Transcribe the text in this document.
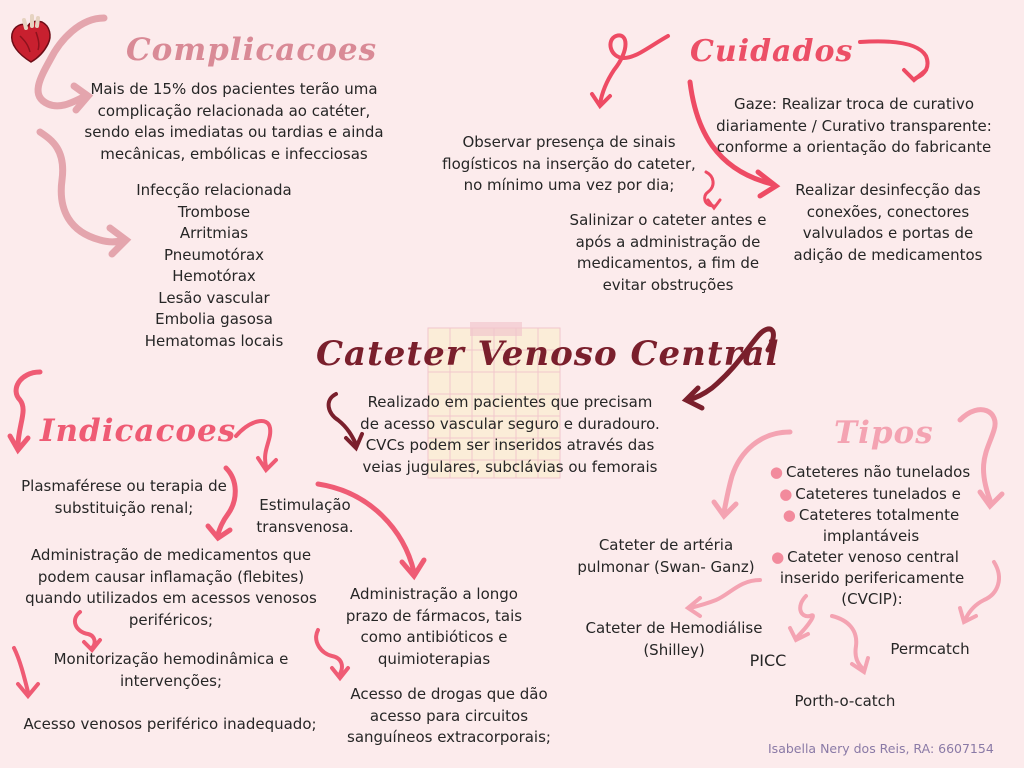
Complicacoes	Cuidados
Cateter Venoso Central
Indicacoes	Tipos
Mais de 15% dos pacientes terão uma
complicação relacionada ao catéter,
sendo elas imediatas ou tardias e ainda
mecânicas, embólicas e infecciosas
Infecção relacionada
Trombose
Arritmias
Pneumotórax
Hemotórax
Lesão vascular
Embolia gasosa
Hematomas locais
Gaze: Realizar troca de curativo
diariamente / Curativo transparente:
conforme a orientação do fabricante
Observar presença de sinais
flogísticos na inserção do cateter,
no mínimo uma vez por dia;	Realizar desinfecção das
conexões, conectores
valvulados e portas de
adição de medicamentos
Salinizar o cateter antes e
após a administração de
medicamentos, a fim de
evitar obstruções
Realizado em pacientes que precisam
de acesso vascular seguro e duradouro.
CVCs podem ser inseridos através das
veias jugulares, subclávias ou femorais
Plasmaférese ou terapia de
substituição renal;	Estimulação
transvenosa.
Administração de medicamentos que
podem causar inflamação (flebites)
quando utilizados em acessos venosos
periféricos;
Administração a longo
prazo de fármacos, tais
como antibióticos e
quimioterapias
Monitorização hemodinâmica e
intervenções;
Acesso de drogas que dão
acesso para circuitos
sanguíneos extracorporais;
Acesso venosos periférico inadequado;
● Cateteres não tunelados
● Cateteres tunelados e
● Cateteres totalmente
implantáveis
● Cateter venoso central
inserido perifericamente
(CVCIP):
Cateter de artéria
pulmonar (Swan- Ganz)
Cateter de Hemodiálise
(Shilley)
PICC
Permcatch
Porth-o-catch
Isabella Nery dos Reis, RA: 6607154
